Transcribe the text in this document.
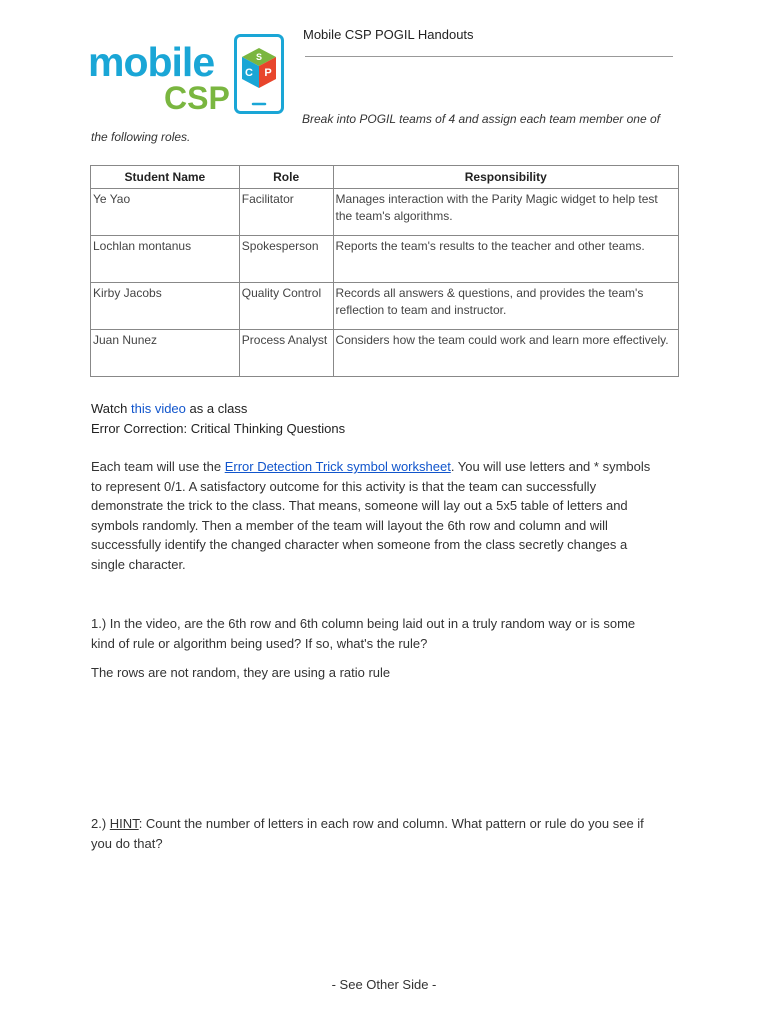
mobile
CSP
S
C P
Mobile CSP POGIL Handouts
Break into POGIL teams of 4 and assign each team member one of
the following roles.
Student Name	Role	Responsibility
Ye Yao	Facilitator	Manages interaction with the Parity Magic widget to help test the team's algorithms.
Lochlan montanus	Spokesperson	Reports the team's results to the teacher and other teams.
Kirby Jacobs	Quality Control	Records all answers & questions, and provides the team's reflection to team and instructor.
Juan Nunez	Process Analyst	Considers how the team could work and learn more effectively.
Watch this video as a class
Error Correction: Critical Thinking Questions
Each team will use the Error Detection Trick symbol worksheet. You will use letters and * symbols to represent 0/1. A satisfactory outcome for this activity is that the team can successfully demonstrate the trick to the class. That means, someone will lay out a 5x5 table of letters and symbols randomly. Then a member of the team will layout the 6th row and column and will successfully identify the changed character when someone from the class secretly changes a single character.
1.) In the video, are the 6th row and 6th column being laid out in a truly random way or is some kind of rule or algorithm being used? If so, what's the rule?
The rows are not random, they are using a ratio rule
2.) HINT: Count the number of letters in each row and column. What pattern or rule do you see if you do that?
- See Other Side -
